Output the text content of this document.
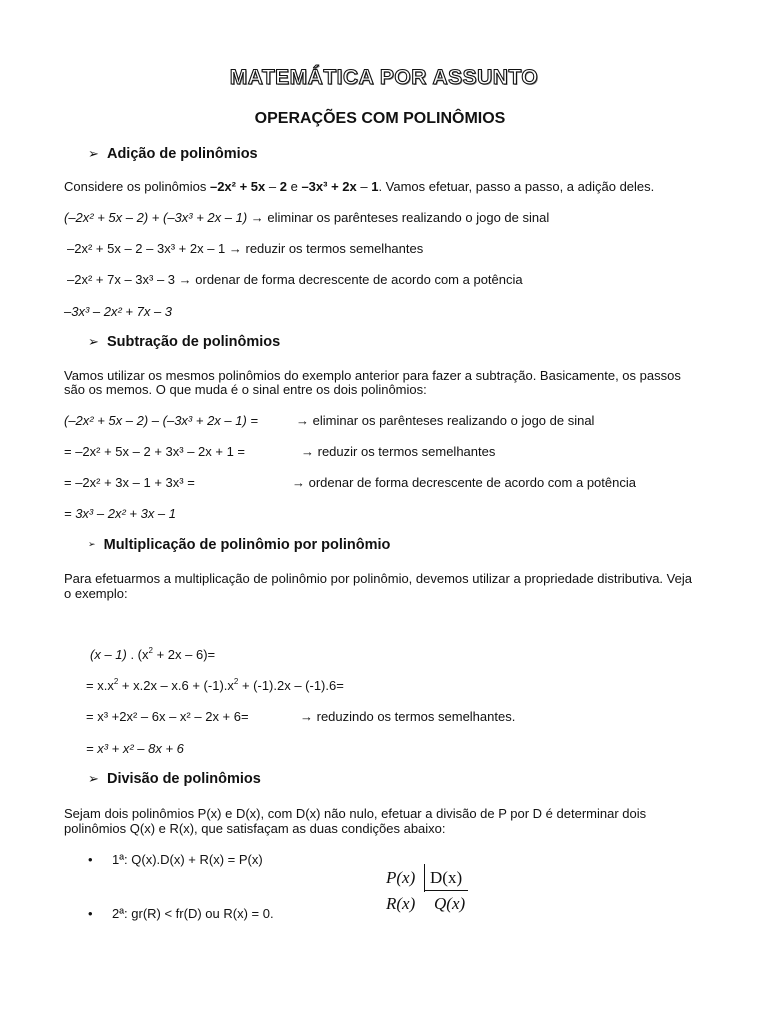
MATEMÁTICA POR ASSUNTO
OPERAÇÕES COM POLINÔMIOS
➢ Adição de polinômios
Considere os polinômios –2x² + 5x – 2 e –3x³ + 2x – 1. Vamos efetuar, passo a passo, a adição deles.
(–2x² + 5x – 2) + (–3x³ + 2x – 1) → eliminar os parênteses realizando o jogo de sinal
–2x² + 5x – 2 – 3x³ + 2x – 1 → reduzir os termos semelhantes
–2x² + 7x – 3x³ – 3 → ordenar de forma decrescente de acordo com a potência
–3x³ – 2x² + 7x – 3
➢ Subtração de polinômios
Vamos utilizar os mesmos polinômios do exemplo anterior para fazer a subtração. Basicamente, os passos
são os memos. O que muda é o sinal entre os dois polinômios:
(–2x² + 5x – 2) – (–3x³ + 2x – 1) =	→ eliminar os parênteses realizando o jogo de sinal
= –2x² + 5x – 2 + 3x³ – 2x + 1 =	→ reduzir os termos semelhantes
= –2x² + 3x – 1 + 3x³ =	→ ordenar de forma decrescente de acordo com a potência
= 3x³ – 2x² + 3x – 1
➢ Multiplicação de polinômio por polinômio
Para efetuarmos a multiplicação de polinômio por polinômio, devemos utilizar a propriedade distributiva. Veja
o exemplo:
(x – 1) . $(x^2 + 2x - 6)=$
= $x.x^2 + x.2x - x.6 + (-1).x^2 + (-1).2x - (-1).6=$
= x³ +2x² – 6x – x² – 2x + 6=	→ reduzindo os termos semelhantes.
= x³ + x² – 8x + 6
➢ Divisão de polinômios
Sejam dois polinômios P(x) e D(x), com D(x) não nulo, efetuar a divisão de P por D é determinar dois
polinômios Q(x) e R(x), que satisfaçam as duas condições abaixo:
• 1ª: Q(x).D(x) + R(x) = P(x)
• 2ª: gr(R) < fr(D) ou R(x) = 0.
P(x) D(x)
R(x) Q(x)
